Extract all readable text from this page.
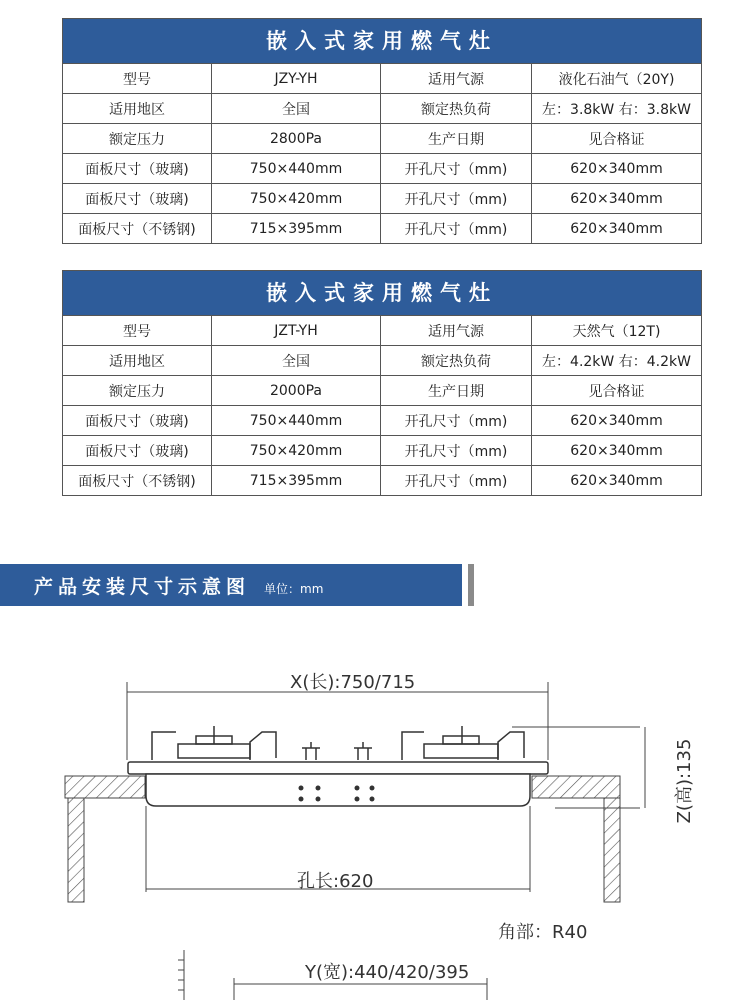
嵌入式家用燃气灶
型号	JZY-YH	适用气源	液化石油气（20Y)
适用地区	全国	额定热负荷	左：3.8kW 右：3.8kW
额定压力	2800Pa	生产日期	见合格证
面板尺寸（玻璃)	750×440mm	开孔尺寸（mm)	620×340mm
面板尺寸（玻璃)	750×420mm	开孔尺寸（mm)	620×340mm
面板尺寸（不锈钢)	715×395mm	开孔尺寸（mm)	620×340mm
嵌入式家用燃气灶
型号	JZT-YH	适用气源	天然气（12T)
适用地区	全国	额定热负荷	左：4.2kW 右：4.2kW
额定压力	2000Pa	生产日期	见合格证
面板尺寸（玻璃)	750×440mm	开孔尺寸（mm)	620×340mm
面板尺寸（玻璃)	750×420mm	开孔尺寸（mm)	620×340mm
面板尺寸（不锈钢)	715×395mm	开孔尺寸（mm)	620×340mm
产品安装尺寸示意图 单位：mm
X(长):750/715
Z(高):135
孔长:620
角部：R40
Y(宽):440/420/395
